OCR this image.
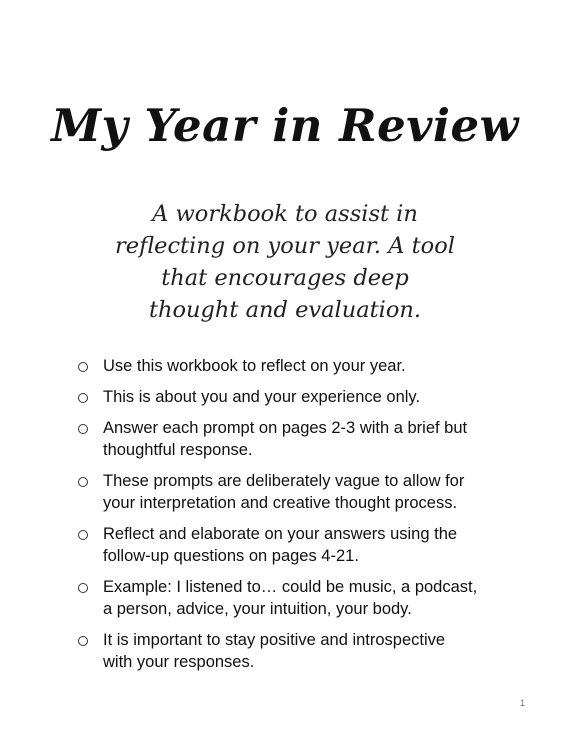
My Year in Review
A workbook to assist in
reflecting on your year. A tool
that encourages deep
thought and evaluation.
Use this workbook to reflect on your year.
This is about you and your experience only.
Answer each prompt on pages 2-3 with a brief but
thoughtful response.
These prompts are deliberately vague to allow for
your interpretation and creative thought process.
Reflect and elaborate on your answers using the
follow-up questions on pages 4-21.
Example: I listened to… could be music, a podcast,
a person, advice, your intuition, your body.
It is important to stay positive and introspective
with your responses.
1
